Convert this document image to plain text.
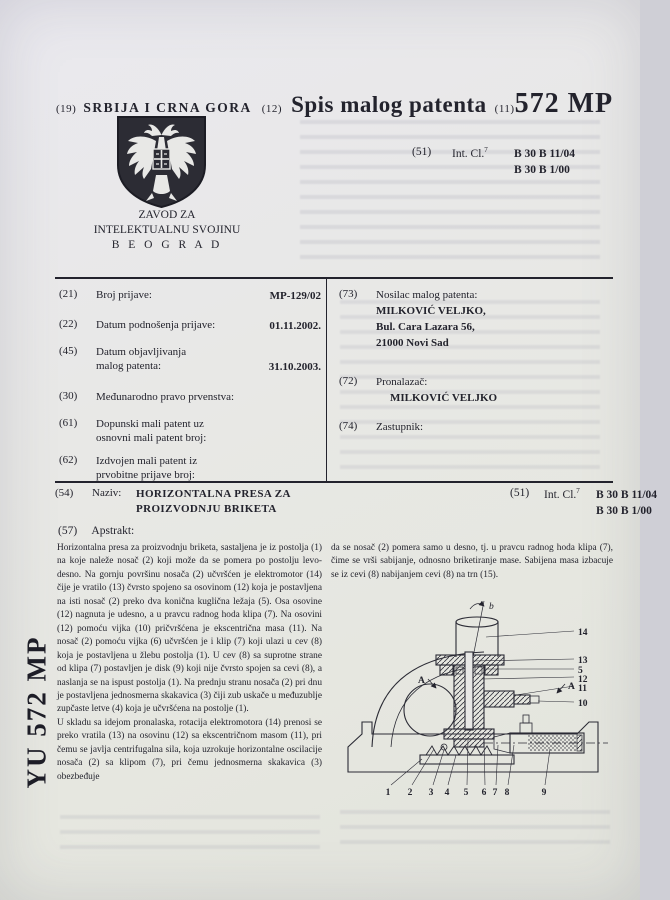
(19) SRBIJA I CRNA GORA (12) Spis malog patenta (11) 572 MP
(51)	Int. Cl.$^7$	B 30 B 11/04
B 30 B 1/00
ZAVOD ZA
INTELEKTUALNU SVOJINU
B E O G R A D
(21)	Broj prijave:	MP-129/02
(22)	Datum podnošenja prijave:	01.11.2002.
(45)	Datum objavljivanja
malog patenta:	31.10.2003.
(30)	Međunarodno pravo prvenstva:
(61)	Dopunski mali patent uz
osnovni mali patent broj:
(62)	Izdvojen mali patent iz
prvobitne prijave broj:
(73)	Nosilac malog patenta:
MILKOVIĆ VELJKO,
Bul. Cara Lazara 56,
21000 Novi Sad
(72)	Pronalazač:
MILKOVIĆ VELJKO
(74)	Zastupnik:
(54)	Naziv:	HORIZONTALNA PRESA ZA
PROIZVODNJU BRIKETA
(51)	Int. Cl.$^7$	B 30 B 11/04
B 30 B 1/00
(57) Apstrakt:

Horizontalna presa za proizvodnju briketa, sastaljena je iz postolja (1) na koje naleže nosač (2) koji može da se pomera po postolju levo-desno. Na gornju površinu nosača (2) učvršćen je elektromotor (14) čije je vratilo (13) čvrsto spojeno sa osovinom (12) koja je postavljena na isti nosač (2) preko dva konična kuglična ležaja (5). Osa osovine (12) nagnuta je udesno, a u pravcu radnog hoda klipa (7). Na osovini (12) pomoću vijka (10) pričvršćena je ekscentrična masa (11). Na nosač (2) pomoću vijka (6) učvršćen je i klip (7) koji ulazi u cev (8) koja je postavljena u žlebu postolja (1). U cev (8) sa suprotne strane od klipa (7) postavljen je disk (9) koji nije čvrsto spojen sa cevi (8), a naslanja se na ispust postolja (1). Na prednju stranu nosača (2) pri dnu je postavljena jednosmerna skakavica (3) čiji zub uskače u međuzublje zupčaste letve (4) koja je učvršćena na postolje (1).

U skladu sa idejom pronalaska, rotacija elektromotora (14) prenosi se preko vratila (13) na osovinu (12) sa ekscentričnom masom (11), pri čemu se javlja centrifugalna sila, koja uzrokuje horizontalne oscilacije nosača (2) sa klipom (7), pri čemu jednosmerna skakavica (3) obezbeđuje

da se nosač (2) pomera samo u desno, tj. u pravcu radnog hoda klipa (7), čime se vrši sabijanje, odnosno briketiranje mase. Sabijena masa izbacuje se iz cevi (8) nabijanjem cevi (8) na trn (15).

b
A
A
14
13
5
12
11
10
1 2 3 4 5 6 7 8	9
YU 572 MP
